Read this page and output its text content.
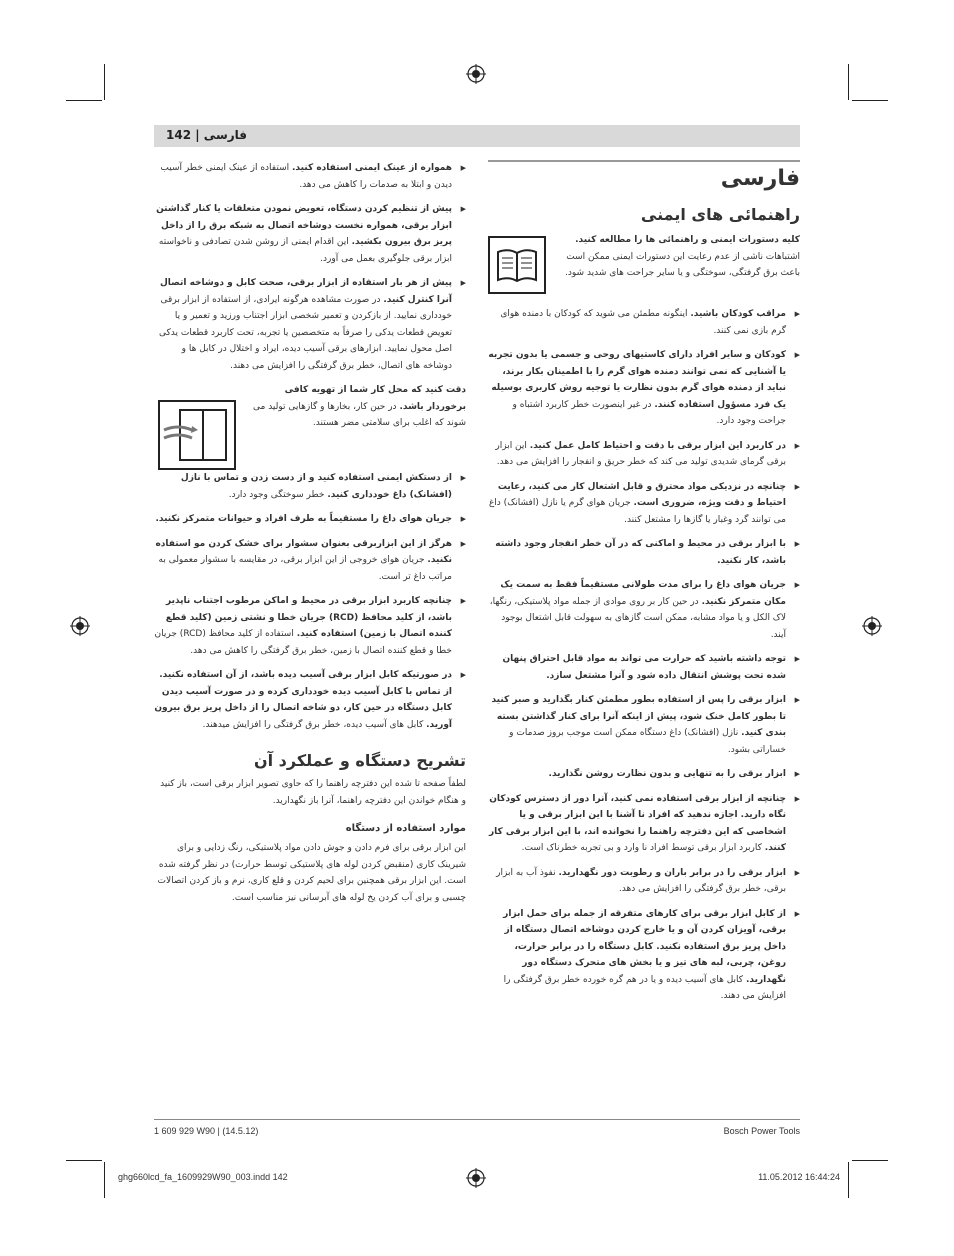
142 | فارسی
فارسی
راهنمائی های ایمنی

کلیه دستورات ایمنی و راهنمائی ها را مطالعه کنید. اشتباهات ناشی از عدم رعایت این دستورات ایمنی ممکن است باعث برق گرفتگی، سوختگی و یا سایر جراحت های شدید شود.

▶ مراقب کودکان باشید. اینگونه مطمئن می شوید که کودکان با دمنده هوای گرم بازی نمی کنند.
▶ کودکان و سایر افراد دارای کاستیهای روحی و جسمی یا بدون تجربه یا آشنایی که نمی توانند دمنده هوای گرم را با اطمینان بکار برند، نباید از دمنده هوای گرم بدون نظارت یا توجیه روش کاربری بوسیله یک فرد مسؤول استفاده کنند. در غیر اینصورت خطر کاربرد اشتباه و جراحت وجود دارد.
▶ در کاربرد این ابزار برقی با دقت و احتیاط کامل عمل کنید. این ابزار برقی گرمای شدیدی تولید می کند که خطر حریق و انفجار را افزایش می دهد.
▶ چنانچه در نزدیکی مواد محترق و قابل اشتعال کار می کنید، رعایت احتیاط و دقت ویژه، ضروری است. جریان هوای گرم یا نازل (افشانک) داغ می توانند گرد وغبار یا گازها را مشتعل کنند.
▶ با ابزار برقی در محیط و اماکنی که در آن خطر انفجار وجود داشته باشد، کار نکنید.
▶ جریان هوای داغ را برای مدت طولانی مستقیماً فقط به سمت یک مکان متمرکز نکنید. در حین کار بر روی موادی از جمله مواد پلاستیکی، رنگها، لاک الکل و یا مواد مشابه، ممکن است گازهای به سهولت قابل اشتعال بوجود آیند.
▶ توجه داشته باشید که حرارت می تواند به مواد قابل احتراق پنهان شده تحت پوشش انتقال داده شود و آنرا مشتعل سازد.
▶ ابزار برقی را پس از استفاده بطور مطمئن کنار بگذارید و صبر کنید تا بطور کامل خنک شود، پیش از اینکه آنرا برای کنار گذاشتن بسته بندی کنید. نازل (افشانک) داغ دستگاه ممکن است موجب بروز صدمات و خساراتی بشود.
▶ ابزار برقی را به تنهایی و بدون نظارت روشن نگذارید.
▶ چنانچه از ابزار برقی استفاده نمی کنید، آنرا دور از دسترس کودکان نگاه دارید. اجازه ندهید که افراد نا آشنا با این ابزار برقی و یا اشخاصی که این دفترچه راهنما را نخوانده اند، با این ابزار برقی کار کنند. کاربرد ابزار برقی توسط افراد نا وارد و بی تجربه خطرناک است.
▶ ابزار برقی را در برابر باران و رطوبت دور نگهدارید. نفوذ آب به ابزار برقی، خطر برق گرفتگی را افزایش می دهد.
▶ از کابل ابزار برقی برای کارهای متفرقه از جمله برای حمل ابزار برقی، آویزان کردن آن و یا خارج کردن دوشاخه اتصال دستگاه از داخل پریز برق استفاده نکنید. کابل دستگاه را در برابر حرارت، روغن، چربی، لبه های تیز و یا بخش های متحرک دستگاه دور نگهدارید. کابل های آسیب دیده و یا در هم گره خورده خطر برق گرفتگی را افزایش می دهند.
▶ همواره از عینک ایمنی استفاده کنید. استفاده از عینک ایمنی خطر آسیب دیدن و ابتلا به صدمات را کاهش می دهد.
▶ پیش از تنظیم کردن دستگاه، تعویض نمودن متعلقات یا کنار گذاشتن ابزار برقی، همواره نخست دوشاخه اتصال به شبکه برق را از داخل پریز برق بیرون بکشید. این اقدام ایمنی از روشن شدن تصادفی و ناخواسته ابزار برقی جلوگیری بعمل می آورد.
▶ پیش از هر بار استفاده از ابزار برقی، صحت کابل و دوشاخه اتصال آنرا کنترل کنید. در صورت مشاهده هرگونه ایرادی، از استفاده از ابزار برقی خودداری نمایید. از بازکردن و تعمیر شخصی ابزار اجتناب ورزید و تعمیر و یا تعویض قطعات یدکی را صرفاً به متخصصین یا تجربه، تحت کاربرد قطعات یدکی اصل محول نمایید. ابزارهای برقی آسیب دیده، ایراد و اختلال در کابل ها و دوشاخه های اتصال، خطر برق گرفتگی را افزایش می دهند.

دقت کنید که محل کار شما از تهویه کافی برخوردار باشد. در حین کار، بخارها و گازهایی تولید می شوند که اغلب برای سلامتی مضر هستند.

▶ از دستکش ایمنی استفاده کنید و از دست زدن و تماس با نازل (افشانک) داغ خودداری کنید. خطر سوختگی وجود دارد.
▶ جریان هوای داغ را مستقیماً به طرف افراد و حیوانات متمرکز نکنید.
▶ هرگز از این ابزاربرقی بعنوان سشوار برای خشک کردن مو استفاده نکنید. جریان هوای خروجی از این ابزار برقی، در مقایسه با سشوار معمولی به مراتب داغ تر است.
▶ چنانچه کاربرد ابزار برقی در محیط و اماکن مرطوب اجتناب ناپذیر باشد، از کلید محافظ (RCD) جریان خطا و نشتی زمین (کلید قطع کننده اتصال با زمین) استفاده کنید. استفاده از کلید محافظ (RCD) جریان خطا و قطع کننده اتصال با زمین، خطر برق گرفتگی را کاهش می دهد.
▶ در صورتیکه کابل ابزار برقی آسیب دیده باشد، از آن استفاده نکنید. از تماس با کابل آسیب دیده خودداری کرده و در صورت آسیب دیدن کابل دستگاه در حین کار، دو شاخه اتصال را از داخل پریز برق بیرون آورید. کابل های آسیب دیده، خطر برق گرفتگی را افزایش میدهند.
تشریح دستگاه و عملکرد آن

لطفاً صفحه تا شده این دفترچه راهنما را که حاوی تصویر ابزار برقی است، باز کنید و هنگام خواندن این دفترچه راهنما، آنرا باز نگهدارید.

موارد استفاده از دستگاه

این ابزار برقی برای فرم دادن و جوش دادن مواد پلاستیکی، رنگ زدایی و برای شیرینک کاری (منقبض کردن لوله های پلاستیکی توسط حرارت) در نظر گرفته شده است. این ابزار برقی همچنین برای لحیم کردن و قلع کاری، نرم و باز کردن اتصالات چسبی و برای آب کردن یخ لوله های آبرسانی نیز مناسب است.

1 609 929 W90 | (14.5.12)	Bosch Power Tools
ghg660lcd_fa_1609929W90_003.indd 142	11.05.2012 16:44:24
